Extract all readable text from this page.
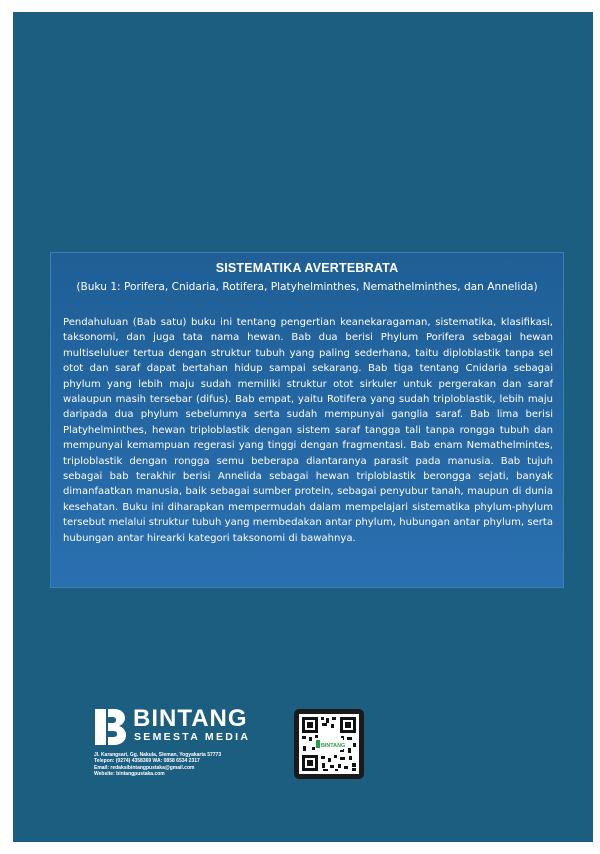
SISTEMATIKA AVERTEBRATA
(Buku 1: Porifera, Cnidaria, Rotifera, Platyhelminthes, Nemathelminthes, dan Annelida)
Pendahuluan (Bab satu) buku ini tentang pengertian keanekaragaman, sistematika, klasifikasi, taksonomi, dan juga tata nama hewan. Bab dua berisi Phylum Porifera sebagai hewan multiseluluer tertua dengan struktur tubuh yang paling sederhana, taitu diploblastik tanpa sel otot dan saraf dapat bertahan hidup sampai sekarang. Bab tiga tentang Cnidaria sebagai phylum yang lebih maju sudah memiliki struktur otot sirkuler untuk pergerakan dan saraf walaupun masih tersebar (difus). Bab empat, yaitu Rotifera yang sudah triploblastik, lebih maju daripada dua phylum sebelumnya serta sudah mempunyai ganglia saraf. Bab lima berisi Platyhelminthes, hewan triploblastik dengan sistem saraf tangga tali tanpa rongga tubuh dan mempunyai kemampuan regerasi yang tinggi dengan fragmentasi. Bab enam Nemathelmintes, triploblastik dengan rongga semu beberapa diantaranya parasit pada manusia. Bab tujuh sebagai bab terakhir berisi Annelida sebagai hewan triploblastik berongga sejati, banyak dimanfaatkan manusia, baik sebagai sumber protein, sebagai penyubur tanah, maupun di dunia kesehatan. Buku ini diharapkan mempermudah dalam mempelajari sistematika phylum-phylum tersebut melalui struktur tubuh yang membedakan antar phylum, hubungan antar phylum, serta hubungan antar hirearki kategori taksonomi di bawahnya.
BINTANG
SEMESTA MEDIA
Jl. Karangsari, Gg. Nakula, Sleman, Yogyakarta 57773
Telepon: (0274) 4358369 WA: 0858 6534 2317
Email: redaksibintangpustaka@gmail.com
Website: bintangpustaka.com
BINTANG
